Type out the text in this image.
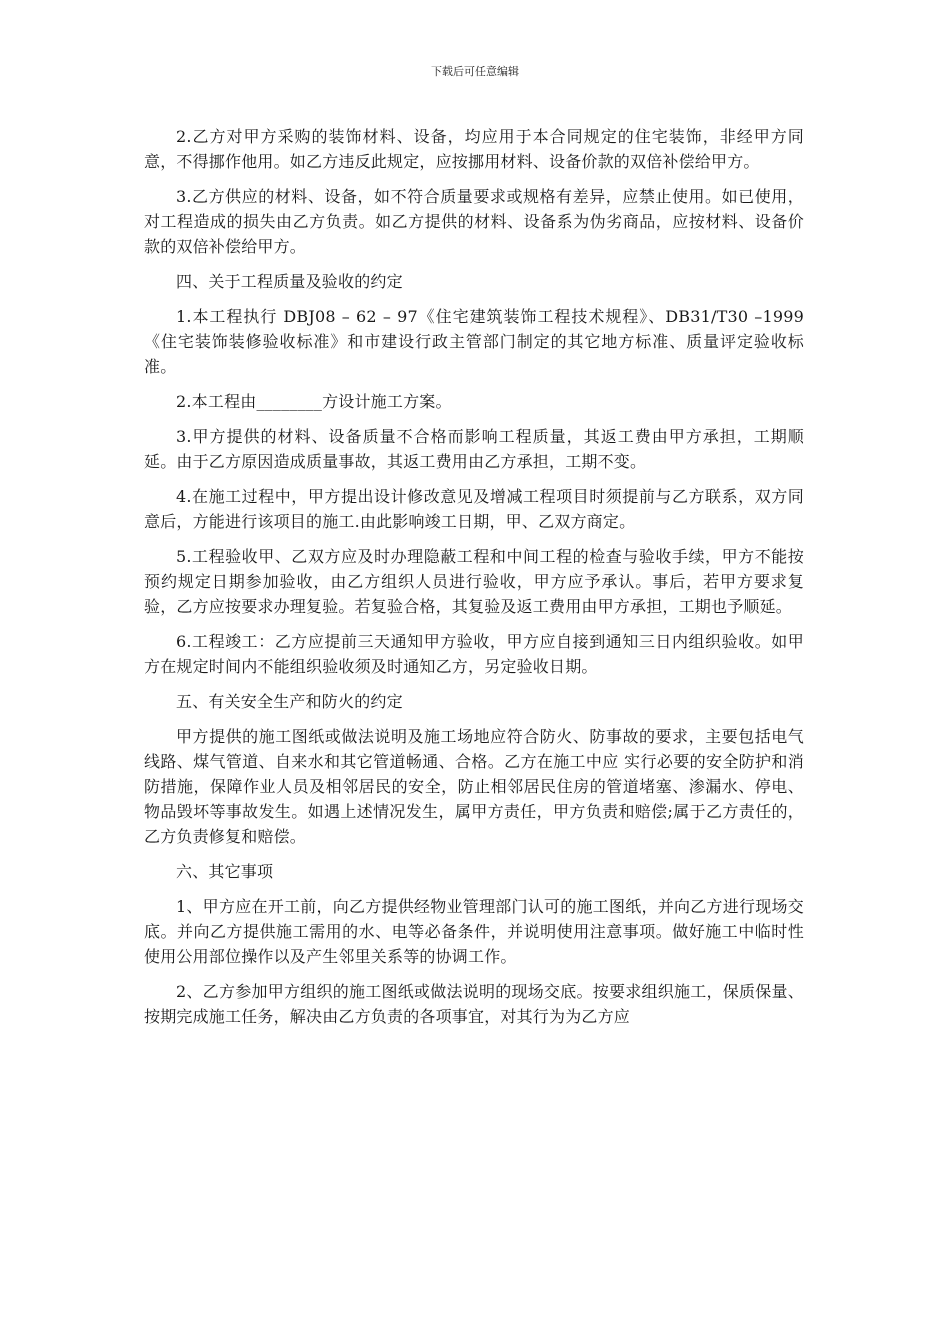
下载后可任意编辑

2.乙方对甲方采购的装饰材料、设备，均应用于本合同规定的住宅装饰，非经甲方同意，不得挪作他用。如乙方违反此规定，应按挪用材料、设备价款的双倍补偿给甲方。

3.乙方供应的材料、设备，如不符合质量要求或规格有差异，应禁止使用。如已使用，对工程造成的损失由乙方负责。如乙方提供的材料、设备系为伪劣商品，应按材料、设备价款的双倍补偿给甲方。

四、关于工程质量及验收的约定

1.本工程执行 DBJ08 – 62 – 97《住宅建筑装饰工程技术规程》、DB31/T30 –1999《住宅装饰装修验收标准》和市建设行政主管部门制定的其它地方标准、质量评定验收标准。

2.本工程由________方设计施工方案。

3.甲方提供的材料、设备质量不合格而影响工程质量，其返工费由甲方承担，工期顺延。由于乙方原因造成质量事故，其返工费用由乙方承担，工期不变。

4.在施工过程中，甲方提出设计修改意见及增减工程项目时须提前与乙方联系，双方同意后，方能进行该项目的施工.由此影响竣工日期，甲、乙双方商定。

5.工程验收甲、乙双方应及时办理隐蔽工程和中间工程的检查与验收手续，甲方不能按预约规定日期参加验收，由乙方组织人员进行验收，甲方应予承认。事后，若甲方要求复验，乙方应按要求办理复验。若复验合格，其复验及返工费用由甲方承担，工期也予顺延。

6.工程竣工：乙方应提前三天通知甲方验收，甲方应自接到通知三日内组织验收。如甲方在规定时间内不能组织验收须及时通知乙方，另定验收日期。

五、有关安全生产和防火的约定

甲方提供的施工图纸或做法说明及施工场地应符合防火、防事故的要求，主要包括电气线路、煤气管道、自来水和其它管道畅通、合格。乙方在施工中应 实行必要的安全防护和消防措施，保障作业人员及相邻居民的安全，防止相邻居民住房的管道堵塞、渗漏水、停电、物品毁坏等事故发生。如遇上述情况发生，属甲方责任，甲方负责和赔偿;属于乙方责任的，乙方负责修复和赔偿。

六、其它事项

1、甲方应在开工前，向乙方提供经物业管理部门认可的施工图纸，并向乙方进行现场交底。并向乙方提供施工需用的水、电等必备条件，并说明使用注意事项。做好施工中临时性使用公用部位操作以及产生邻里关系等的协调工作。

2、乙方参加甲方组织的施工图纸或做法说明的现场交底。按要求组织施工，保质保量、按期完成施工任务，解决由乙方负责的各项事宜，对其行为为乙方应
